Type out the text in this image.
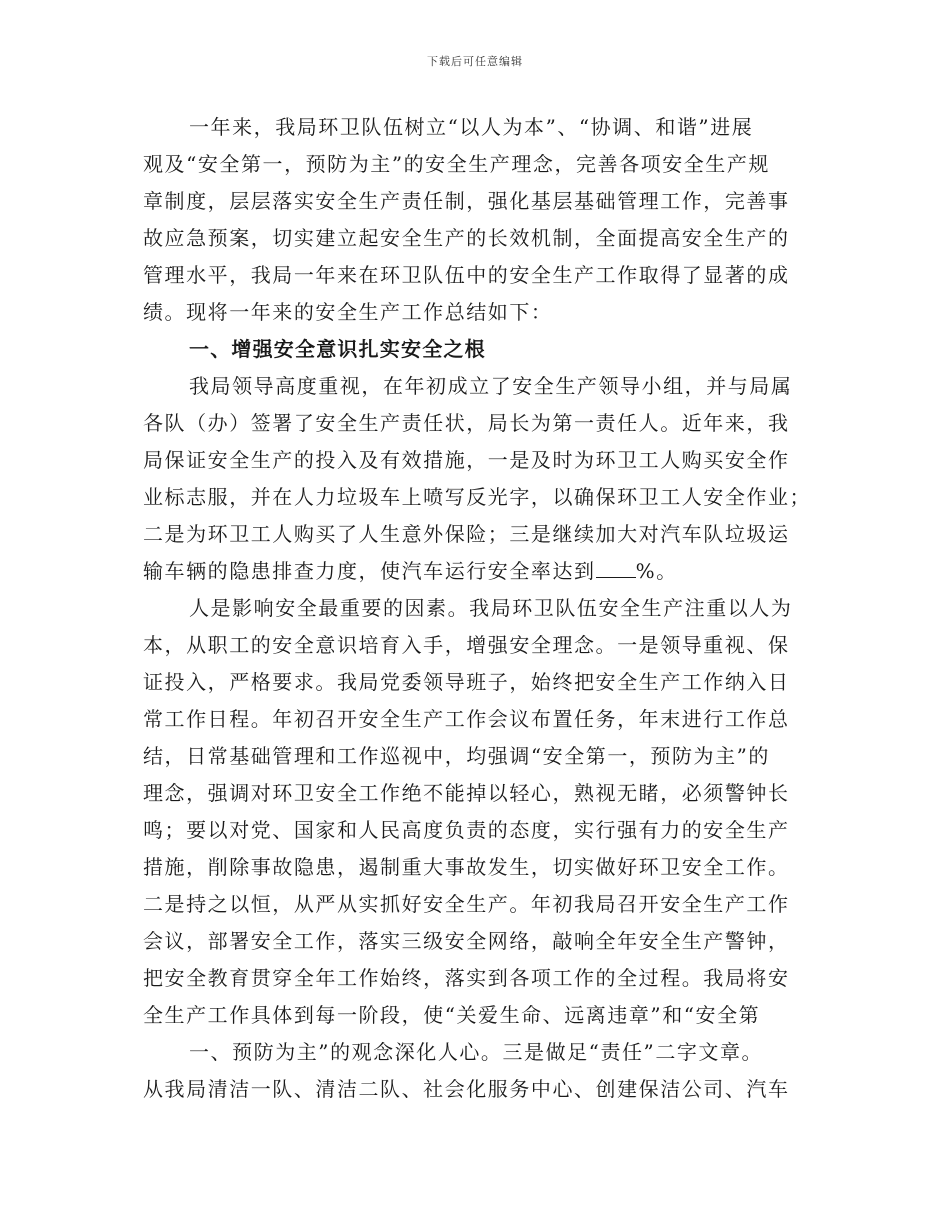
下载后可任意编辑
一年来，我局环卫队伍树立“以人为本”、“协调、和谐”进展
观及“安全第一，预防为主”的安全生产理念，完善各项安全生产规
章制度，层层落实安全生产责任制，强化基层基础管理工作，完善事
故应急预案，切实建立起安全生产的长效机制，全面提高安全生产的
管理水平，我局一年来在环卫队伍中的安全生产工作取得了显著的成
绩。现将一年来的安全生产工作总结如下：
一、增强安全意识扎实安全之根
我局领导高度重视，在年初成立了安全生产领导小组，并与局属
各队（办）签署了安全生产责任状，局长为第一责任人。近年来，我
局保证安全生产的投入及有效措施，一是及时为环卫工人购买安全作
业标志服，并在人力垃圾车上喷写反光字，以确保环卫工人安全作业；
二是为环卫工人购买了人生意外保险；三是继续加大对汽车队垃圾运
输车辆的隐患排查力度，使汽车运行安全率达到 %。
人是影响安全最重要的因素。我局环卫队伍安全生产注重以人为
本，从职工的安全意识培育入手，增强安全理念。一是领导重视、保
证投入，严格要求。我局党委领导班子，始终把安全生产工作纳入日
常工作日程。年初召开安全生产工作会议布置任务，年末进行工作总
结，日常基础管理和工作巡视中，均强调“安全第一，预防为主”的
理念，强调对环卫安全工作绝不能掉以轻心，熟视无睹，必须警钟长
鸣；要以对党、国家和人民高度负责的态度，实行强有力的安全生产
措施，削除事故隐患，遏制重大事故发生，切实做好环卫安全工作。
二是持之以恒，从严从实抓好安全生产。年初我局召开安全生产工作
会议，部署安全工作，落实三级安全网络，敲响全年安全生产警钟，
把安全教育贯穿全年工作始终，落实到各项工作的全过程。我局将安
全生产工作具体到每一阶段，使“关爱生命、远离违章”和“安全第
一、预防为主”的观念深化人心。三是做足“责任”二字文章。
从我局清洁一队、清洁二队、社会化服务中心、创建保洁公司、汽车
